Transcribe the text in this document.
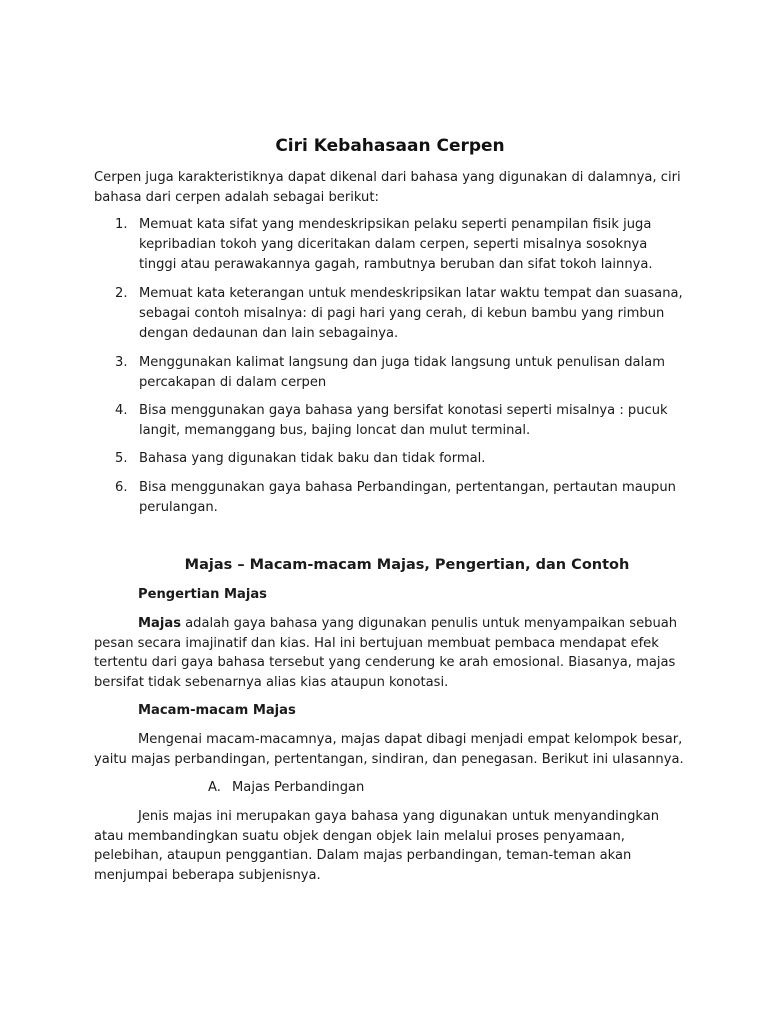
Ciri Kebahasaan Cerpen

Cerpen juga karakteristiknya dapat dikenal dari bahasa yang digunakan di dalamnya, ciri bahasa dari cerpen adalah sebagai berikut:

1. Memuat kata sifat yang mendeskripsikan pelaku seperti penampilan fisik juga kepribadian tokoh yang diceritakan dalam cerpen, seperti misalnya sosoknya tinggi atau perawakannya gagah, rambutnya beruban dan sifat tokoh lainnya.
2. Memuat kata keterangan untuk mendeskripsikan latar waktu tempat dan suasana, sebagai contoh misalnya: di pagi hari yang cerah, di kebun bambu yang rimbun dengan dedaunan dan lain sebagainya.
3. Menggunakan kalimat langsung dan juga tidak langsung untuk penulisan dalam percakapan di dalam cerpen
4. Bisa menggunakan gaya bahasa yang bersifat konotasi seperti misalnya : pucuk langit, memanggang bus, bajing loncat dan mulut terminal.
5. Bahasa yang digunakan tidak baku dan tidak formal.
6. Bisa menggunakan gaya bahasa Perbandingan, pertentangan, pertautan maupun perulangan.
Majas – Macam-macam Majas, Pengertian, dan Contoh
Pengertian Majas

Majas adalah gaya bahasa yang digunakan penulis untuk menyampaikan sebuah pesan secara imajinatif dan kias. Hal ini bertujuan membuat pembaca mendapat efek tertentu dari gaya bahasa tersebut yang cenderung ke arah emosional. Biasanya, majas bersifat tidak sebenarnya alias kias ataupun konotasi.

Macam-macam Majas

Mengenai macam-macamnya, majas dapat dibagi menjadi empat kelompok besar, yaitu majas perbandingan, pertentangan, sindiran, dan penegasan. Berikut ini ulasannya.

A. Majas Perbandingan

Jenis majas ini merupakan gaya bahasa yang digunakan untuk menyandingkan atau membandingkan suatu objek dengan objek lain melalui proses penyamaan, pelebihan, ataupun penggantian. Dalam majas perbandingan, teman-teman akan menjumpai beberapa subjenisnya.
